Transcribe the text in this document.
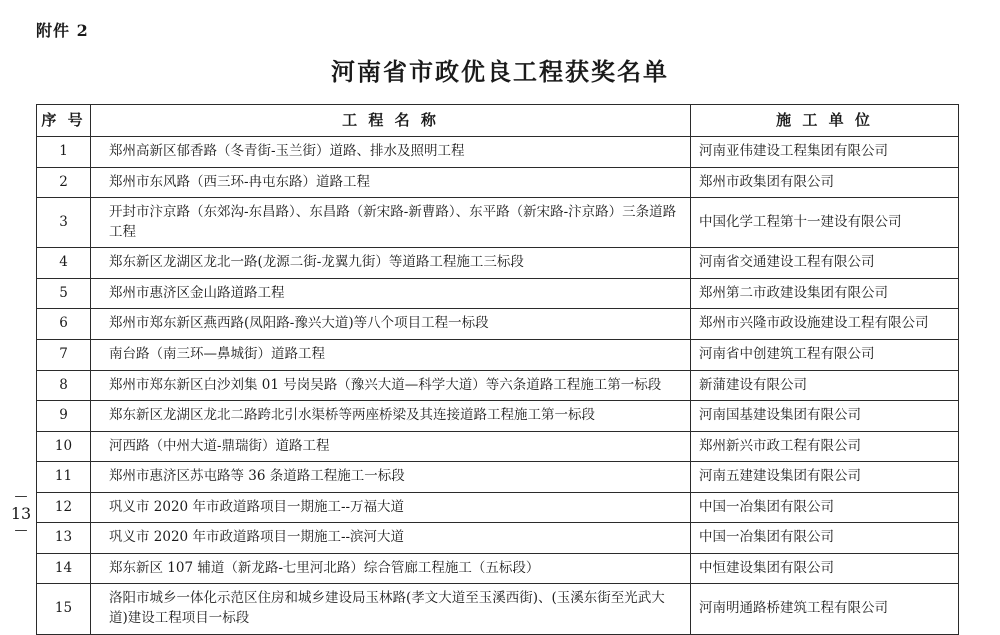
附件 2
河南省市政优良工程获奖名单
—
13
—
序 号	工 程 名 称	施 工 单 位
1	郑州高新区郁香路（冬青街-玉兰街）道路、排水及照明工程	河南亚伟建设工程集团有限公司
2	郑州市东风路（西三环-冉屯东路）道路工程	郑州市政集团有限公司
3	开封市汴京路（东郊沟-东昌路）、东昌路（新宋路-新曹路）、东平路（新宋路-汴京路）三条道路工程	中国化学工程第十一建设有限公司
4	郑东新区龙湖区龙北一路(龙源二街-龙翼九街）等道路工程施工三标段	河南省交通建设工程有限公司
5	郑州市惠济区金山路道路工程	郑州第二市政建设集团有限公司
6	郑州市郑东新区燕西路(凤阳路-豫兴大道)等八个项目工程一标段	郑州市兴隆市政设施建设工程有限公司
7	南台路（南三环—鼻城街）道路工程	河南省中创建筑工程有限公司
8	郑州市郑东新区白沙刘集 01 号岗吴路（豫兴大道—科学大道）等六条道路工程施工第一标段	新蒲建设有限公司
9	郑东新区龙湖区龙北二路跨北引水渠桥等两座桥梁及其连接道路工程施工第一标段	河南国基建设集团有限公司
10	河西路（中州大道-鼎瑞街）道路工程	郑州新兴市政工程有限公司
11	郑州市惠济区苏屯路等 36 条道路工程施工一标段	河南五建建设集团有限公司
12	巩义市 2020 年市政道路项目一期施工--万福大道	中国一冶集团有限公司
13	巩义市 2020 年市政道路项目一期施工--滨河大道	中国一冶集团有限公司
14	郑东新区 107 辅道（新龙路-七里河北路）综合管廊工程施工（五标段）	中恒建设集团有限公司
15	洛阳市城乡一体化示范区住房和城乡建设局玉林路(孝文大道至玉溪西街)、(玉溪东街至光武大道)建设工程项目一标段	河南明通路桥建筑工程有限公司
